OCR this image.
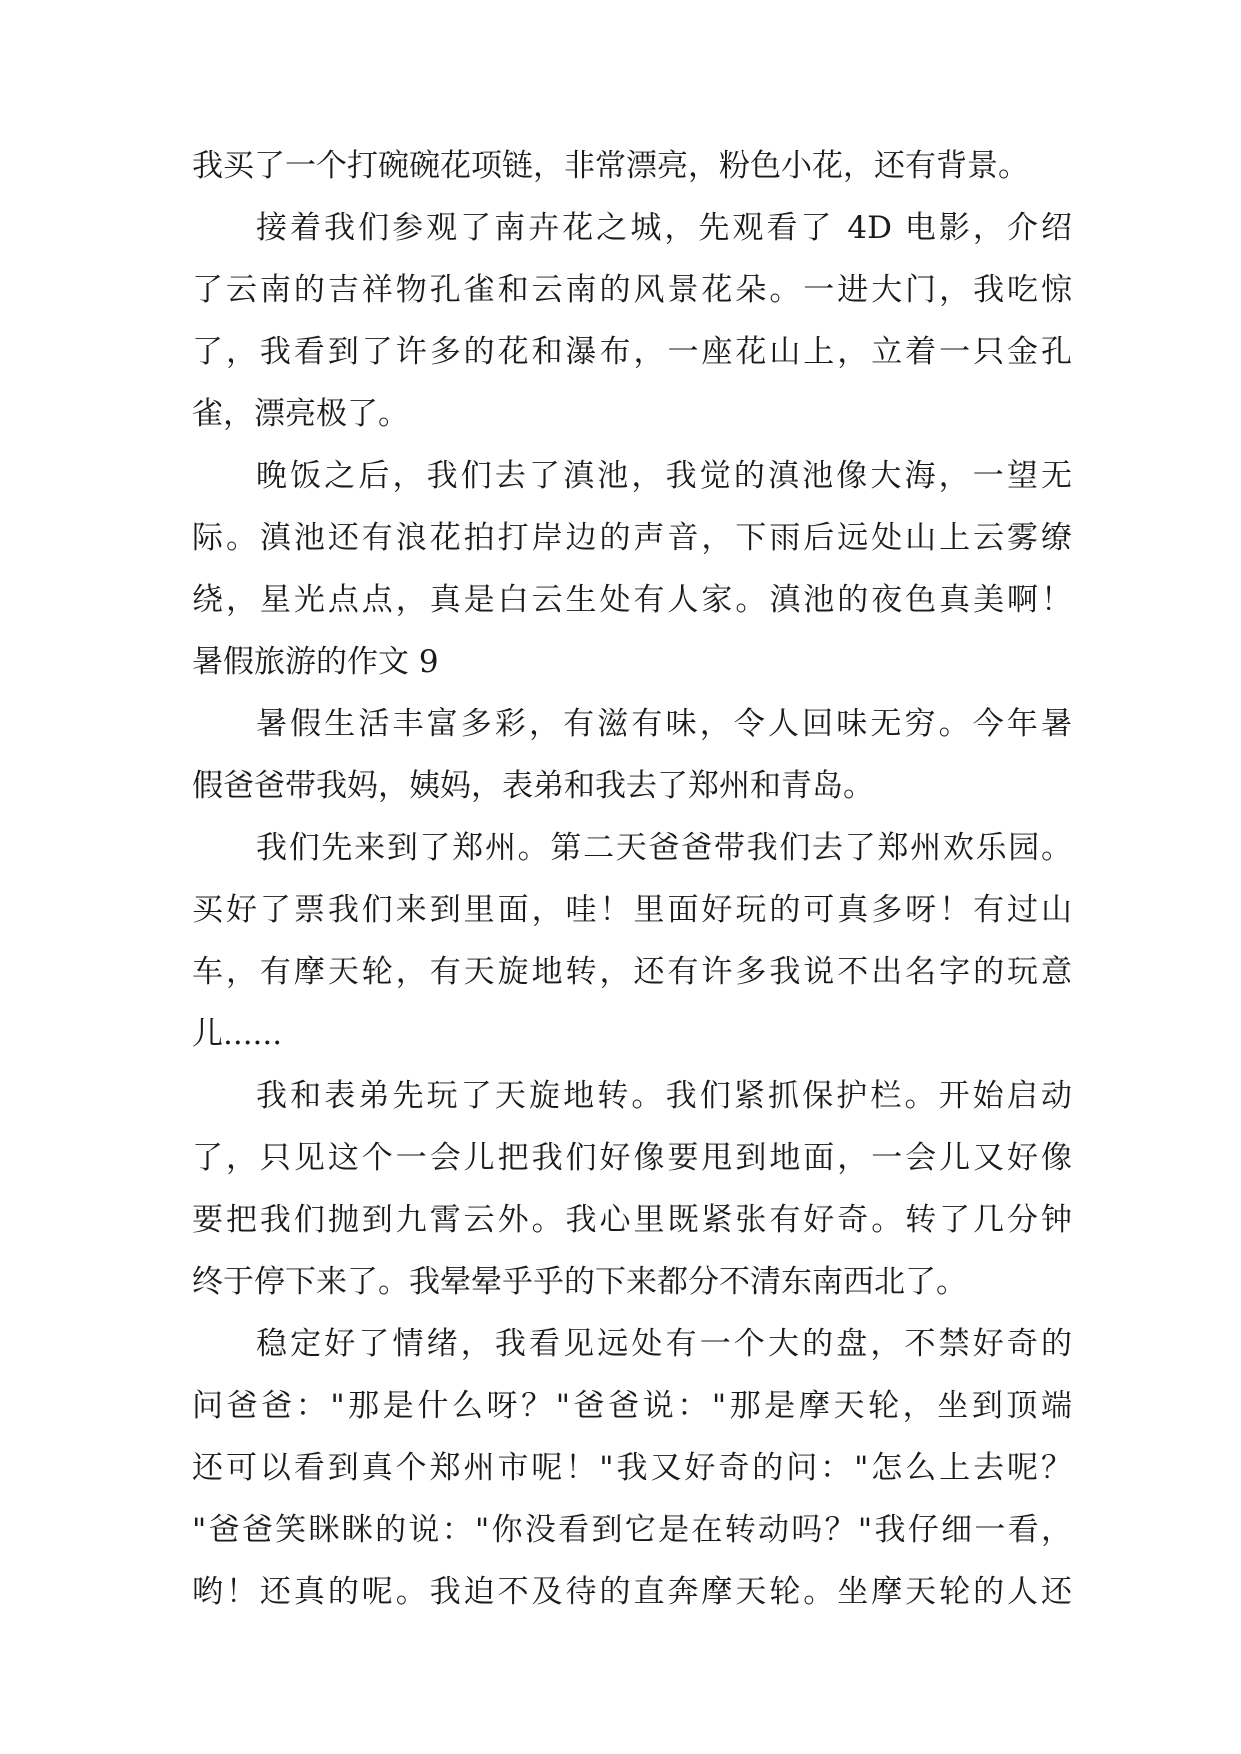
我买了一个打碗碗花项链，非常漂亮，粉色小花，还有背景。
接着我们参观了南卉花之城，先观看了 4D 电影，介绍
了云南的吉祥物孔雀和云南的风景花朵。一进大门，我吃惊
了，我看到了许多的花和瀑布，一座花山上，立着一只金孔
雀，漂亮极了。
晚饭之后，我们去了滇池，我觉的滇池像大海，一望无
际。滇池还有浪花拍打岸边的声音，下雨后远处山上云雾缭
绕，星光点点，真是白云生处有人家。滇池的夜色真美啊！
暑假旅游的作文 9
暑假生活丰富多彩，有滋有味，令人回味无穷。今年暑
假爸爸带我妈，姨妈，表弟和我去了郑州和青岛。
我们先来到了郑州。第二天爸爸带我们去了郑州欢乐园。
买好了票我们来到里面，哇！里面好玩的可真多呀！有过山
车，有摩天轮，有天旋地转，还有许多我说不出名字的玩意
儿......
我和表弟先玩了天旋地转。我们紧抓保护栏。开始启动
了，只见这个一会儿把我们好像要甩到地面，一会儿又好像
要把我们抛到九霄云外。我心里既紧张有好奇。转了几分钟
终于停下来了。我晕晕乎乎的下来都分不清东南西北了。
稳定好了情绪，我看见远处有一个大的盘，不禁好奇的
问爸爸："那是什么呀？"爸爸说："那是摩天轮，坐到顶端
还可以看到真个郑州市呢！"我又好奇的问："怎么上去呢？
"爸爸笑眯眯的说："你没看到它是在转动吗？"我仔细一看，
哟！还真的呢。我迫不及待的直奔摩天轮。坐摩天轮的人还
